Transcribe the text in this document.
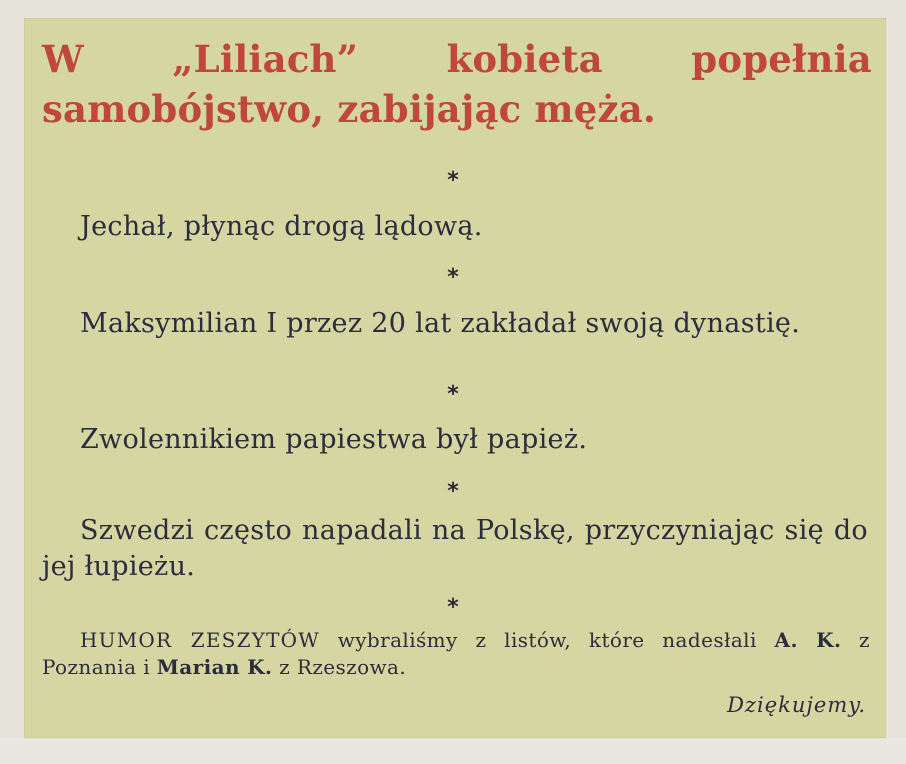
W „Liliach” kobieta popełnia samobójstwo, zabijając męża.
*

Jechał, płynąc drogą lądową.

*

Maksymilian I przez 20 lat zakładał swoją dynastię.

*

Zwolennikiem papiestwa był papież.

*

Szwedzi często napadali na Polskę, przyczyniając się do jej łupieżu.

*

HUMOR ZESZYTÓW wybraliśmy z listów, które nadesłali A. K. z Poznania i Marian K. z Rzeszowa.

Dziękujemy.
